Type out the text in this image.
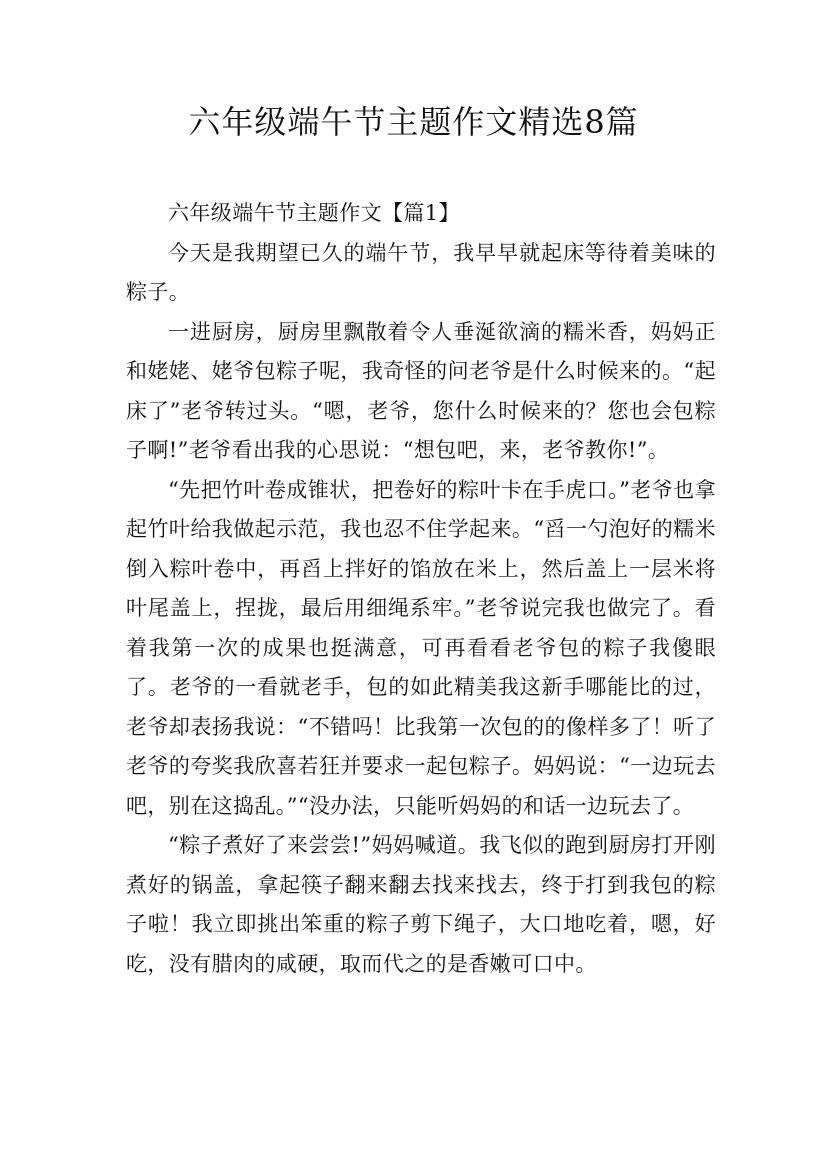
六年级端午节主题作文精选8篇

六年级端午节主题作文【篇1】

今天是我期望已久的端午节，我早早就起床等待着美味的粽子。

一进厨房，厨房里飘散着令人垂涎欲滴的糯米香，妈妈正和姥姥、姥爷包粽子呢，我奇怪的问老爷是什么时候来的。“起床了”老爷转过头。“嗯，老爷，您什么时候来的？您也会包粽子啊!”老爷看出我的心思说：“想包吧，来，老爷教你!”。

“先把竹叶卷成锥状，把卷好的粽叶卡在手虎口。”老爷也拿起竹叶给我做起示范，我也忍不住学起来。“舀一勺泡好的糯米倒入粽叶卷中，再舀上拌好的馅放在米上，然后盖上一层米将叶尾盖上，捏拢，最后用细绳系牢。”老爷说完我也做完了。看着我第一次的成果也挺满意，可再看看老爷包的粽子我傻眼了。老爷的一看就老手，包的如此精美我这新手哪能比的过，老爷却表扬我说：“不错吗！比我第一次包的的像样多了！听了老爷的夸奖我欣喜若狂并要求一起包粽子。妈妈说：“一边玩去吧，别在这捣乱。”“没办法，只能听妈妈的和话一边玩去了。

“粽子煮好了来尝尝!”妈妈喊道。我飞似的跑到厨房打开刚煮好的锅盖，拿起筷子翻来翻去找来找去，终于打到我包的粽子啦！我立即挑出笨重的粽子剪下绳子，大口地吃着，嗯，好吃，没有腊肉的咸硬，取而代之的是香嫩可口中。
